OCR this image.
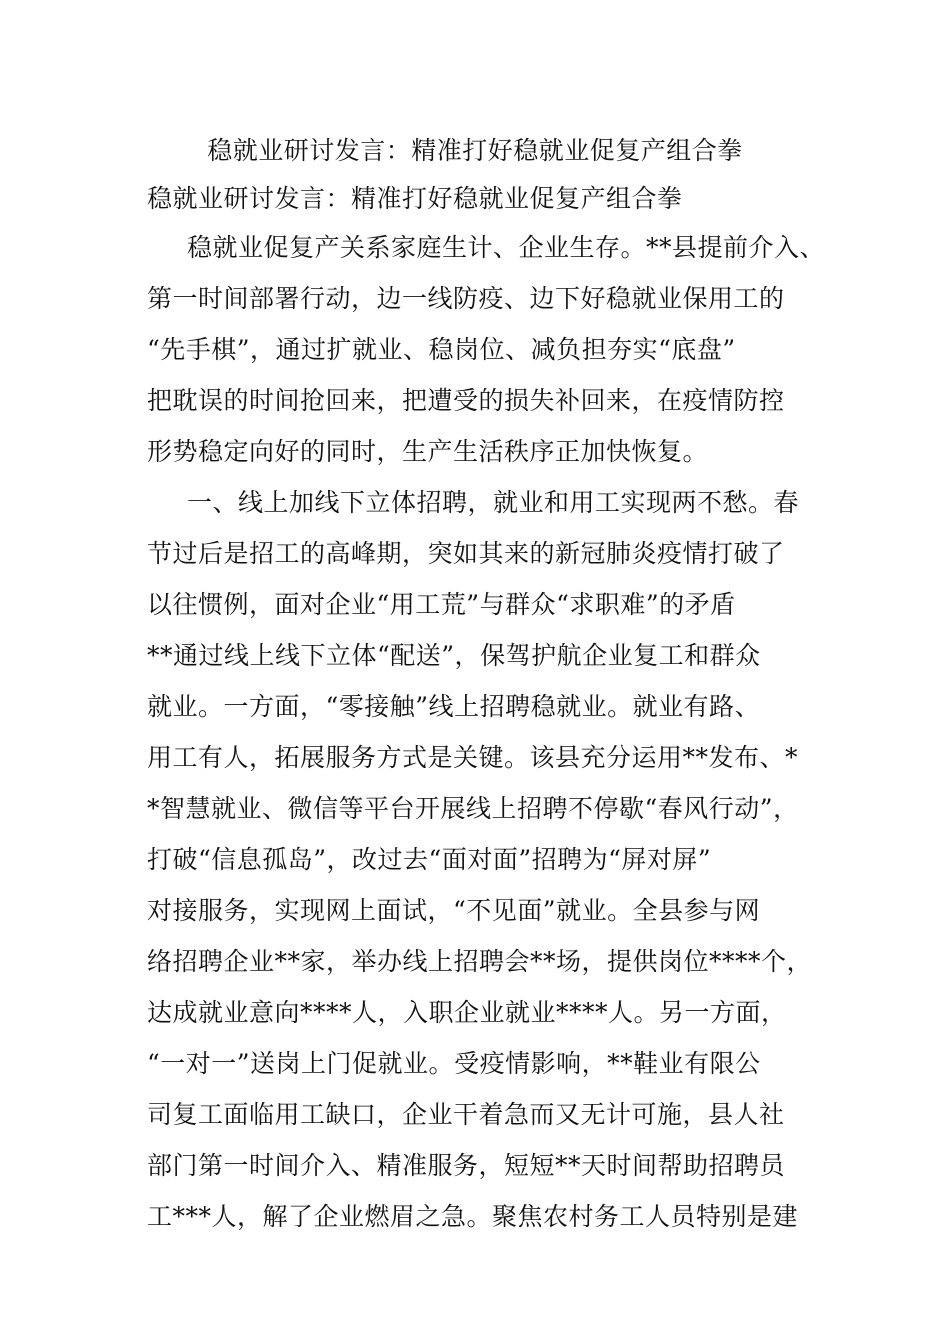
稳就业研讨发言：精准打好稳就业促复产组合拳

稳就业研讨发言：精准打好稳就业促复产组合拳

稳就业促复产关系家庭生计、企业生存。**县提前介入、
第一时间部署行动，边一线防疫、边下好稳就业保用工的
“先手棋”，通过扩就业、稳岗位、减负担夯实“底盘”
把耽误的时间抢回来，把遭受的损失补回来，在疫情防控
形势稳定向好的同时，生产生活秩序正加快恢复。
一、线上加线下立体招聘，就业和用工实现两不愁。春
节过后是招工的高峰期，突如其来的新冠肺炎疫情打破了
以往惯例，面对企业“用工荒”与群众“求职难”的矛盾
**通过线上线下立体“配送”，保驾护航企业复工和群众
就业。一方面，“零接触”线上招聘稳就业。就业有路、
用工有人，拓展服务方式是关键。该县充分运用**发布、*
*智慧就业、微信等平台开展线上招聘不停歇“春风行动”，
打破“信息孤岛”，改过去“面对面”招聘为“屏对屏”
对接服务，实现网上面试，“不见面”就业。全县参与网
络招聘企业**家，举办线上招聘会**场，提供岗位****个，
达成就业意向****人，入职企业就业****人。另一方面，
“一对一”送岗上门促就业。受疫情影响，**鞋业有限公
司复工面临用工缺口，企业干着急而又无计可施，县人社
部门第一时间介入、精准服务，短短**天时间帮助招聘员
工***人，解了企业燃眉之急。聚焦农村务工人员特别是建
